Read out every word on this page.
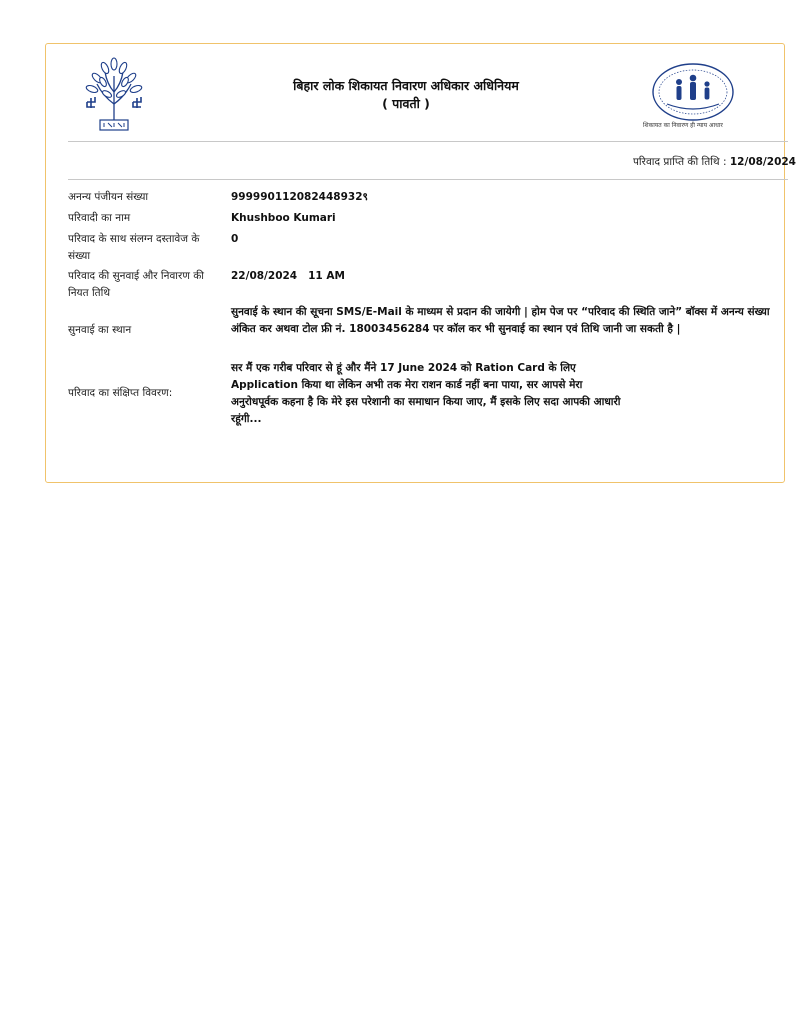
बिहार लोक शिकायत निवारण अधिकार अधिनियम
( पावती )
शिकायत का निवारण ही न्याय आधार
परिवाद प्राप्ति की तिथि : 12/08/2024
अनन्य पंजीयन संख्या	999990112082448932९
परिवादी का नाम	Khushboo Kumari
परिवाद के साथ संलग्न दस्तावेज के संख्या
0
परिवाद की सुनवाई और निवारण की नियत तिथि
22/08/2024   11 AM
सुनवाई का स्थान
सुनवाई के स्थान की सूचना SMS/E-Mail के माध्यम से प्रदान की जायेगी | होम पेज पर “परिवाद की स्थिति जाने” बॉक्स में अनन्य संख्या अंकित कर अथवा टोल फ्री नं. 18003456284 पर कॉल कर भी सुनवाई का स्थान एवं तिथि जानी जा सकती है |
परिवाद का संक्षिप्त विवरण:
सर मैं एक गरीब परिवार से हूं और मैंने 17 June 2024 को Ration Card के लिए Application किया था लेकिन अभी तक मेरा राशन कार्ड नहीं बना पाया, सर आपसे मेरा अनुरोधपूर्वक कहना है कि मेरे इस परेशानी का समाधान किया जाए, मैं इसके लिए सदा आपकी आधारी रहूंगी...
